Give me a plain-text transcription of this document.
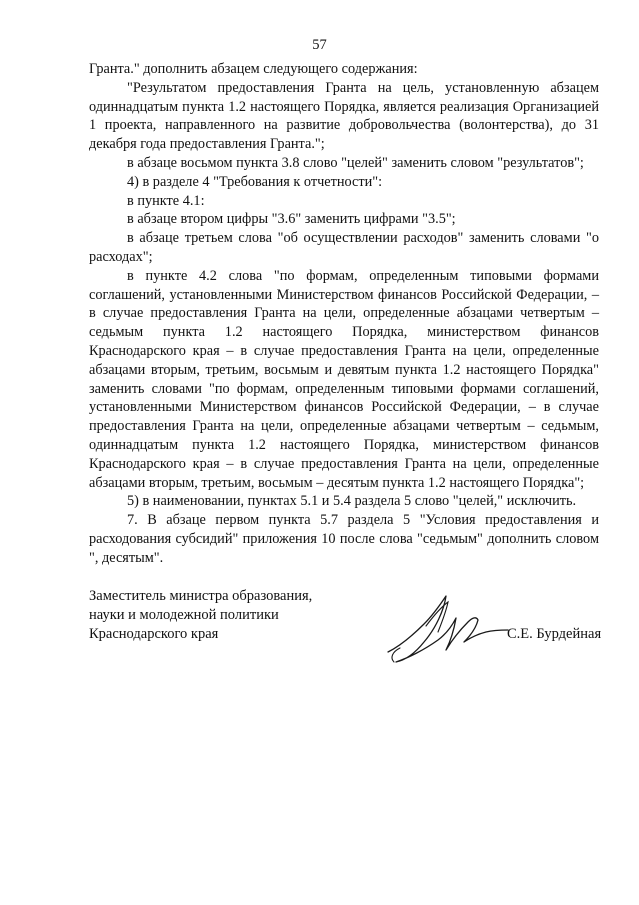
57

Гранта." дополнить абзацем следующего содержания:

"Результатом предоставления Гранта на цель, установленную абзацем одиннадцатым пункта 1.2 настоящего Порядка, является реализация Организацией 1 проекта, направленного на развитие добровольчества (волонтерства), до 31 декабря года предоставления Гранта.";

в абзаце восьмом пункта 3.8 слово "целей" заменить словом "результатов";

4) в разделе 4 "Требования к отчетности":

в пункте 4.1:

в абзаце втором цифры "3.6" заменить цифрами "3.5";

в абзаце третьем слова "об осуществлении расходов" заменить словами "о расходах";

в пункте 4.2 слова "по формам, определенным типовыми формами соглашений, установленными Министерством финансов Российской Федерации, – в случае предоставления Гранта на цели, определенные абзацами четвертым – седьмым пункта 1.2 настоящего Порядка, министерством финансов Краснодарского края – в случае предоставления Гранта на цели, определенные абзацами вторым, третьим, восьмым и девятым пункта 1.2 настоящего Порядка" заменить словами "по формам, определенным типовыми формами соглашений, установленными Министерством финансов Российской Федерации, – в случае предоставления Гранта на цели, определенные абзацами четвертым – седьмым, одиннадцатым пункта 1.2 настоящего Порядка, министерством финансов Краснодарского края – в случае предоставления Гранта на цели, определенные абзацами вторым, третьим, восьмым – десятым пункта 1.2 настоящего Порядка";

5) в наименовании, пунктах 5.1 и 5.4 раздела 5 слово "целей," исключить.

7. В абзаце первом пункта 5.7 раздела 5 "Условия предоставления и расходования субсидий" приложения 10 после слова "седьмым" дополнить словом ", десятым".

Заместитель министра образования,
науки и молодежной политики
Краснодарского края	С.Е. Бурдейная
